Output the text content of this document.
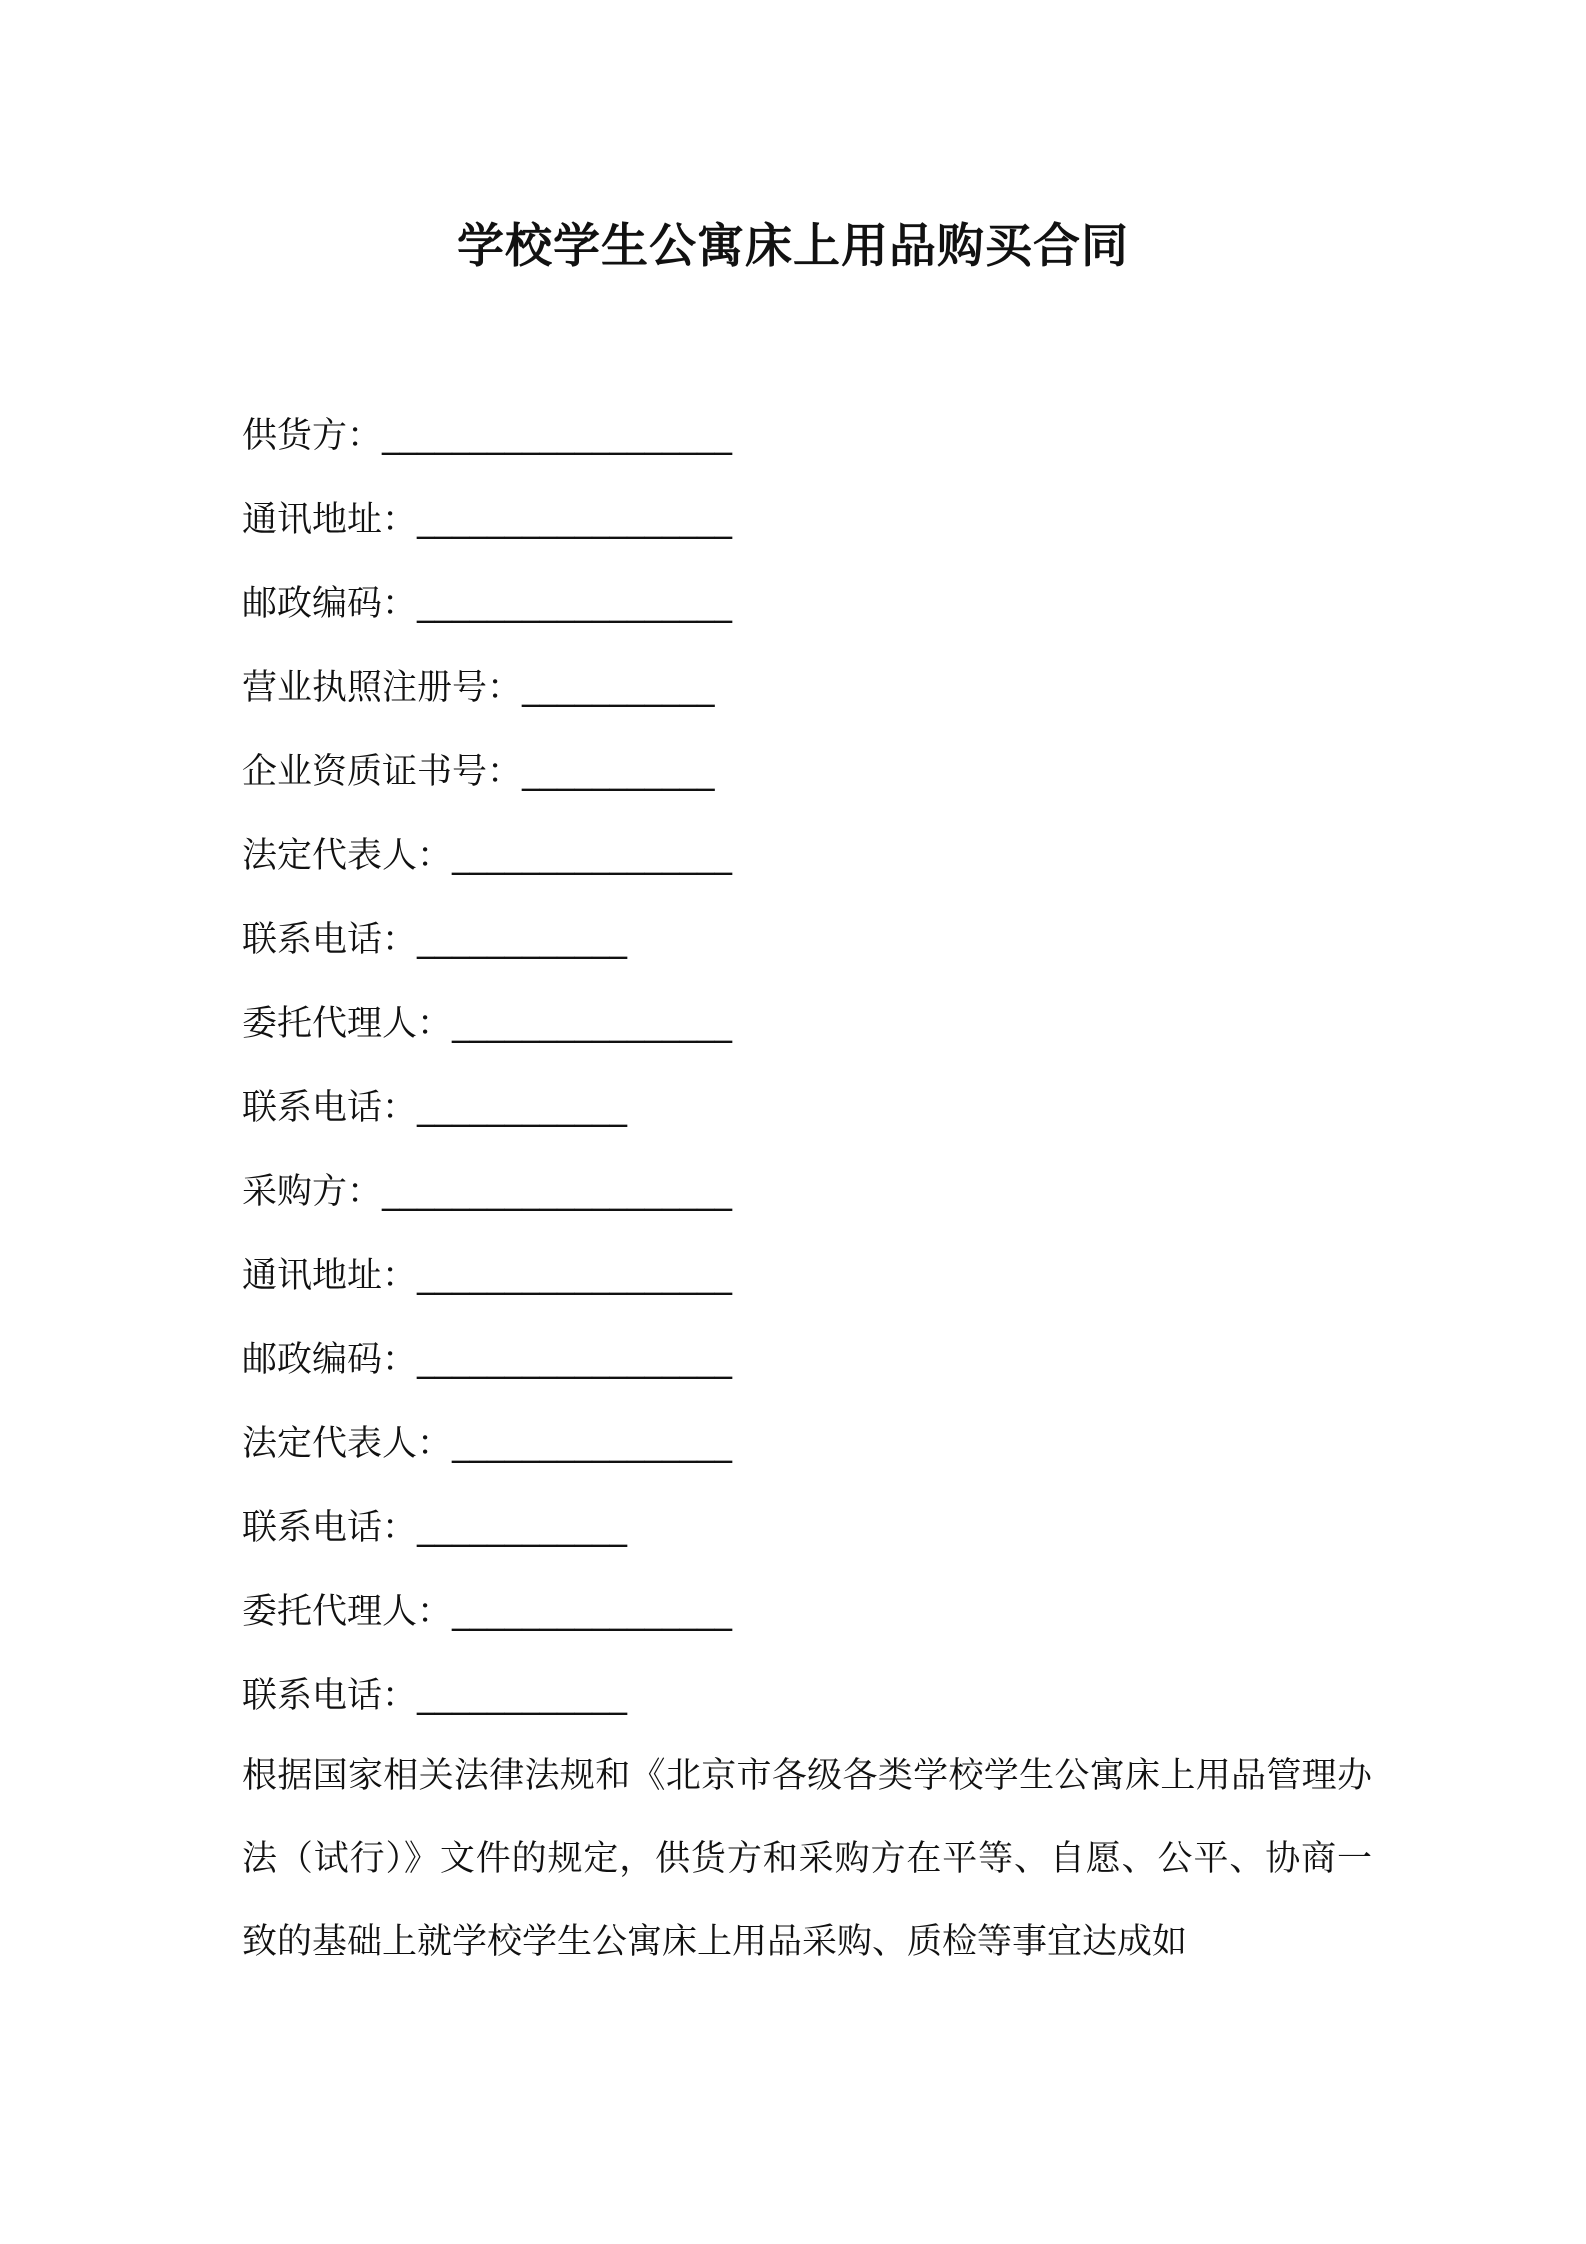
学校学生公寓床上用品购买合同
供货方：____________________
通讯地址：__________________
邮政编码：__________________
营业执照注册号：___________
企业资质证书号：___________
法定代表人：________________
联系电话：____________
委托代理人：________________
联系电话：____________
采购方：____________________
通讯地址：__________________
邮政编码：__________________
法定代表人：________________
联系电话：____________
委托代理人：________________
联系电话：____________

根据国家相关法律法规和《北京市各级各类学校学生公寓床上用品管理办法（试行）》文件的规定，供货方和采购方在平等、自愿、公平、协商一致的基础上就学校学生公寓床上用品采购、质检等事宜达成如
